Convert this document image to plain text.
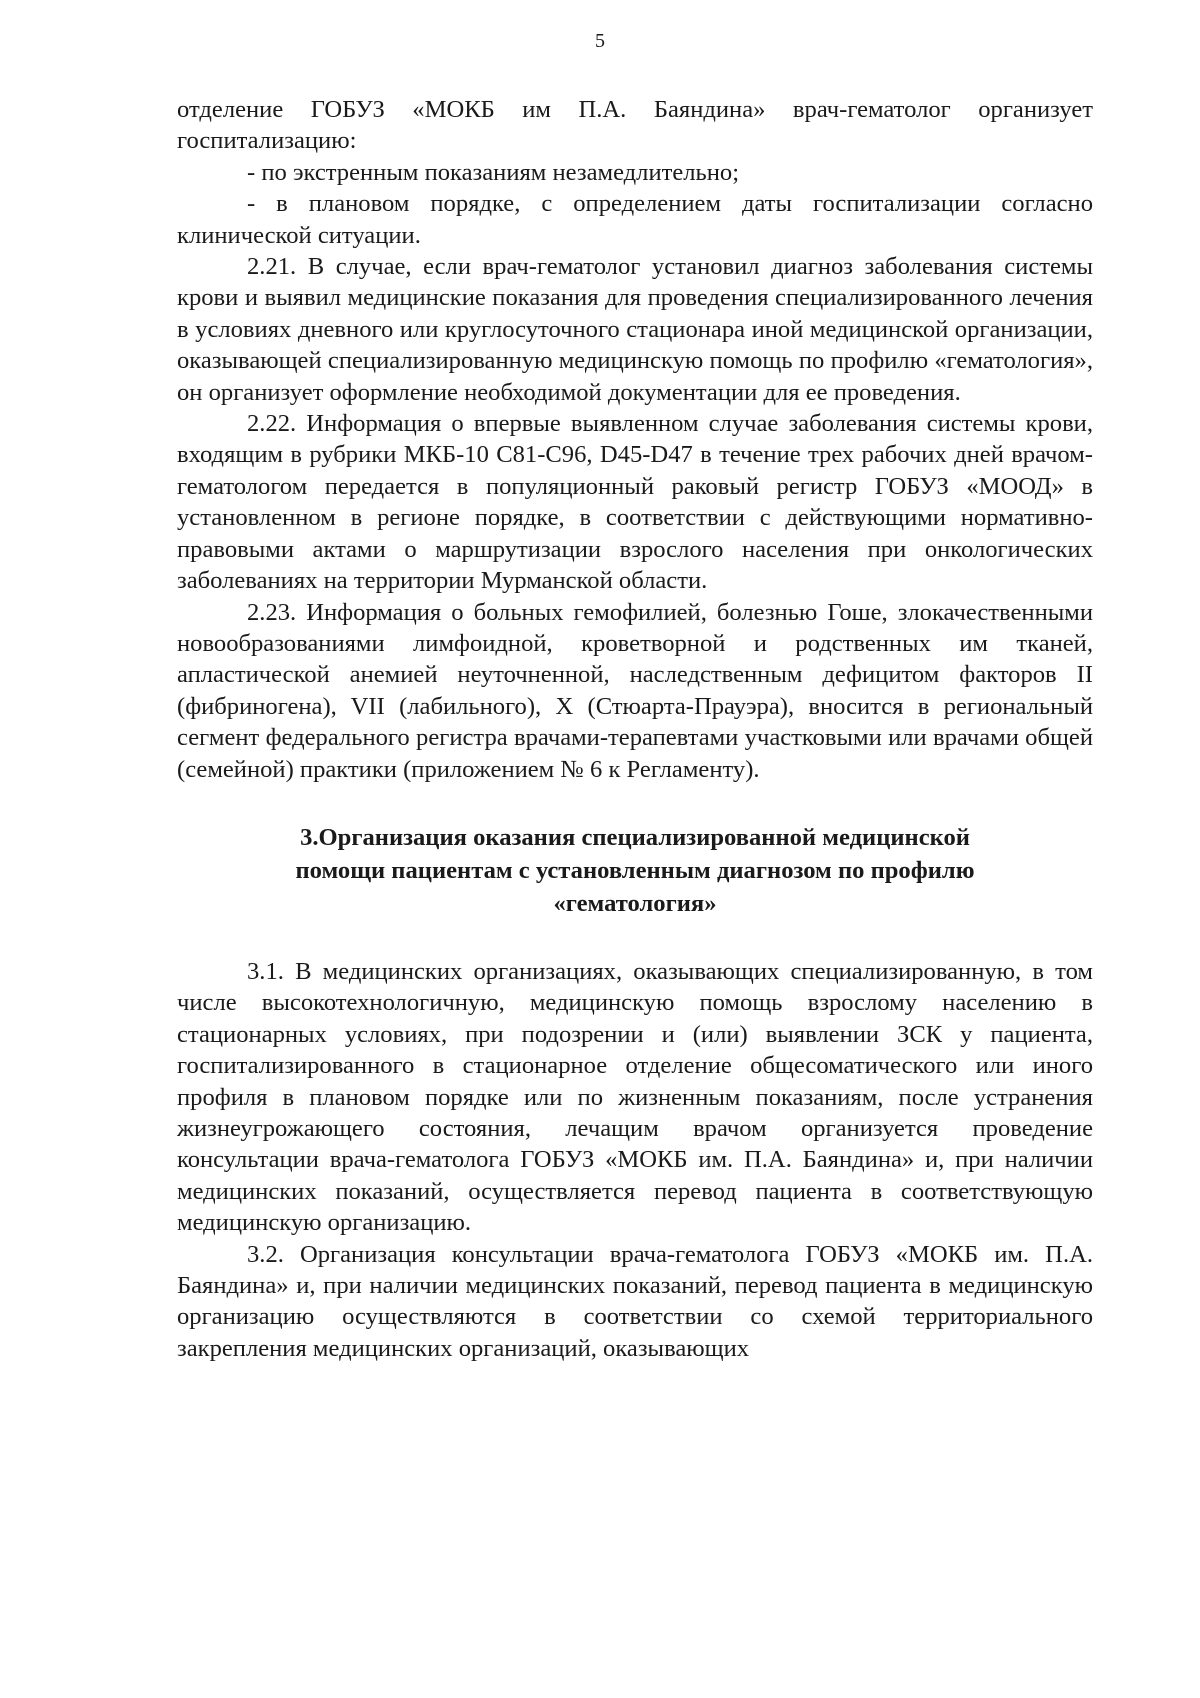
5

отделение ГОБУЗ «МОКБ им П.А. Баяндина» врач-гематолог организует госпитализацию:

- по экстренным показаниям незамедлительно;

- в плановом порядке, с определением даты госпитализации согласно клинической ситуации.

2.21. В случае, если врач-гематолог установил диагноз заболевания системы крови и выявил медицинские показания для проведения специализированного лечения в условиях дневного или круглосуточного стационара иной медицинской организации, оказывающей специализированную медицинскую помощь по профилю «гематология», он организует оформление необходимой документации для ее проведения.

2.22. Информация о впервые выявленном случае заболевания системы крови, входящим в рубрики МКБ-10 С81-С96, D45-D47 в течение трех рабочих дней врачом-гематологом передается в популяционный раковый регистр ГОБУЗ «МООД» в установленном в регионе порядке, в соответствии с действующими нормативно-правовыми актами о маршрутизации взрослого населения при онкологических заболеваниях на территории Мурманской области.

2.23. Информация о больных гемофилией, болезнью Гоше, злокачественными новообразованиями лимфоидной, кроветворной и родственных им тканей, апластической анемией неуточненной, наследственным дефицитом факторов II (фибриногена), VII (лабильного), X (Стюарта-Прауэра), вносится в региональный сегмент федерального регистра врачами-терапевтами участковыми или врачами общей (семейной) практики (приложением № 6 к Регламенту).

3.Организация оказания специализированной медицинской
помощи пациентам с установленным диагнозом по профилю
«гематология»

3.1. В медицинских организациях, оказывающих специализированную, в том числе высокотехнологичную, медицинскую помощь взрослому населению в стационарных условиях, при подозрении и (или) выявлении ЗСК у пациента, госпитализированного в стационарное отделение общесоматического или иного профиля в плановом порядке или по жизненным показаниям, после устранения жизнеугрожающего состояния, лечащим врачом организуется проведение консультации врача-гематолога ГОБУЗ «МОКБ им. П.А. Баяндина» и, при наличии медицинских показаний, осуществляется перевод пациента в соответствующую медицинскую организацию.

3.2. Организация консультации врача-гематолога ГОБУЗ «МОКБ им. П.А. Баяндина» и, при наличии медицинских показаний, перевод пациента в медицинскую организацию осуществляются в соответствии со схемой территориального закрепления медицинских организаций, оказывающих
